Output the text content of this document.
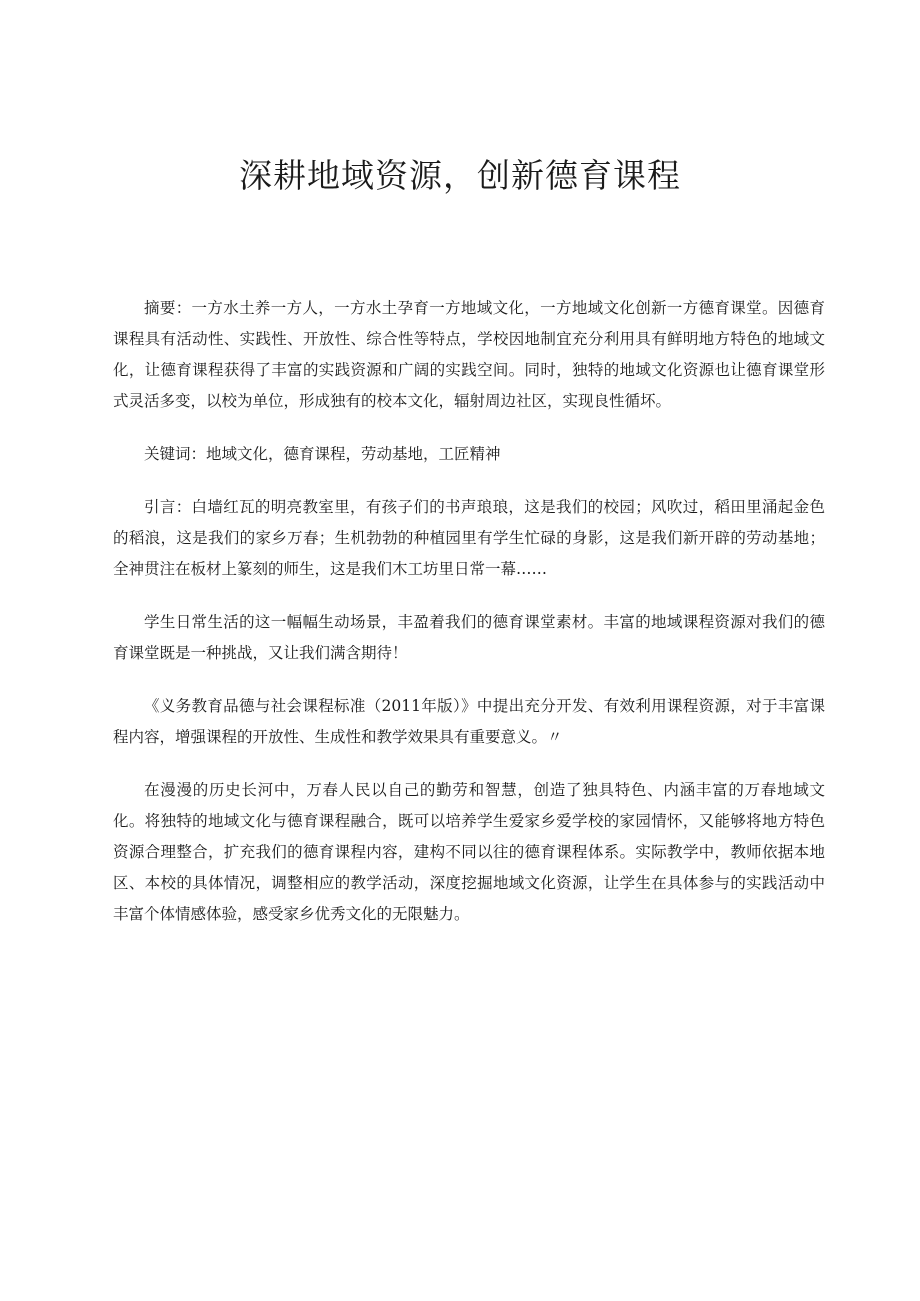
深耕地域资源，创新德育课程

摘要：一方水土养一方人，一方水土孕育一方地域文化，一方地域文化创新一方德育课堂。因德育课程具有活动性、实践性、开放性、综合性等特点，学校因地制宜充分利用具有鲜明地方特色的地域文化，让德育课程获得了丰富的实践资源和广阔的实践空间。同时，独特的地域文化资源也让德育课堂形式灵活多变，以校为单位，形成独有的校本文化，辐射周边社区，实现良性循坏。

关键词：地域文化，德育课程，劳动基地，工匠精神

引言：白墙红瓦的明亮教室里，有孩子们的书声琅琅，这是我们的校园；风吹过，稻田里涌起金色的稻浪，这是我们的家乡万春；生机勃勃的种植园里有学生忙碌的身影，这是我们新开辟的劳动基地；全神贯注在板材上篆刻的师生，这是我们木工坊里日常一幕……

学生日常生活的这一幅幅生动场景，丰盈着我们的德育课堂素材。丰富的地域课程资源对我们的德育课堂既是一种挑战，又让我们满含期待！

《义务教育品德与社会课程标准（2011年版）》中提出充分开发、有效利用课程资源，对于丰富课程内容，增强课程的开放性、生成性和教学效果具有重要意义。〃

在漫漫的历史长河中，万春人民以自己的勤劳和智慧，创造了独具特色、内涵丰富的万春地域文化。将独特的地域文化与德育课程融合，既可以培养学生爱家乡爱学校的家园情怀，又能够将地方特色资源合理整合，扩充我们的德育课程内容，建构不同以往的德育课程体系。实际教学中，教师依据本地区、本校的具体情况，调整相应的教学活动，深度挖掘地域文化资源，让学生在具体参与的实践活动中丰富个体情感体验，感受家乡优秀文化的无限魅力。
